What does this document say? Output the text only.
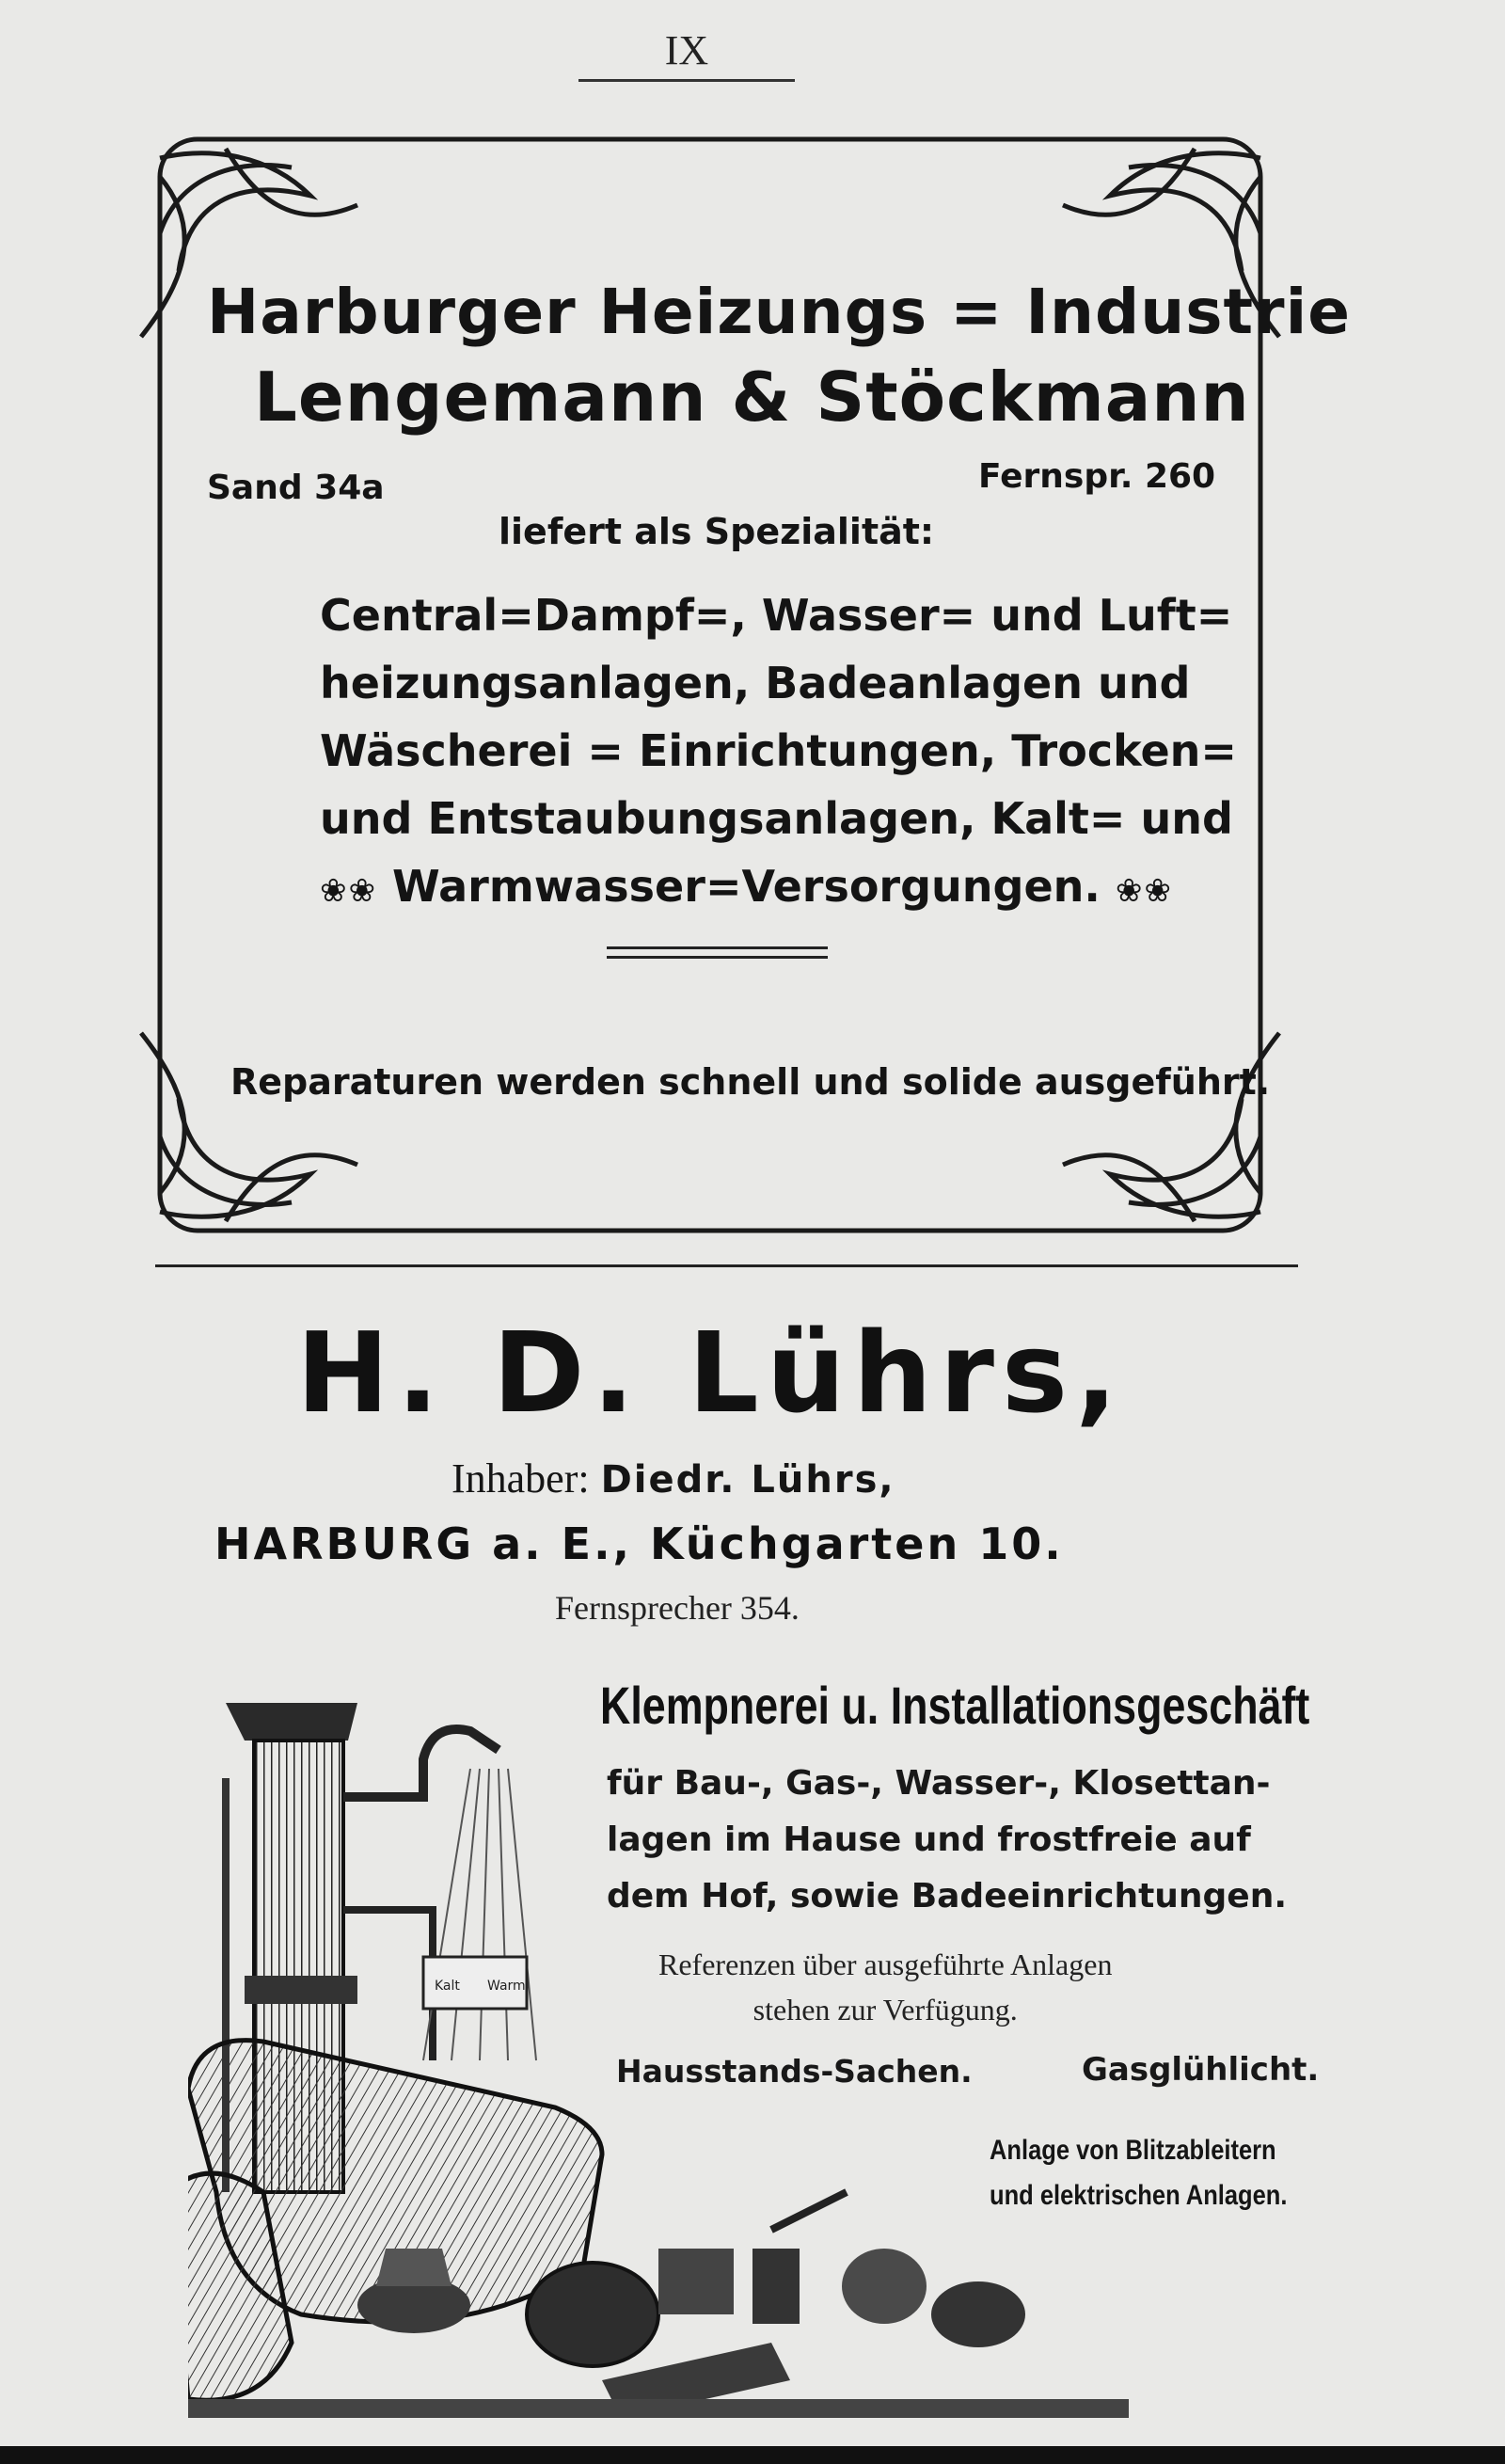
IX
Harburger Heizungs = Industrie
Lengemann & Stöckmann
Sand 34a	Fernspr. 260
liefert als Spezialität:
Central=Dampf=, Wasser= und Luft=
heizungsanlagen, Badeanlagen und
Wäscherei = Einrichtungen, Trocken=
und Entstaubungsanlagen, Kalt= und
❀❀ Warmwasser=Versorgungen. ❀❀
Reparaturen werden schnell und solide ausgeführt.
H. D. Lührs,
Inhaber: Diedr. Lührs,
HARBURG a. E., Küchgarten 10.
Fernsprecher 354.
Kalt Warm
Klempnerei u. Installationsgeschäft
für Bau-, Gas-, Wasser-, Klosettan-
lagen im Hause und frostfreie auf
dem Hof, sowie Badeeinrichtungen.
Referenzen über ausgeführte Anlagen
stehen zur Verfügung.
Hausstands-Sachen.	Gasglühlicht.
Anlage von Blitzableitern
und elektrischen Anlagen.
